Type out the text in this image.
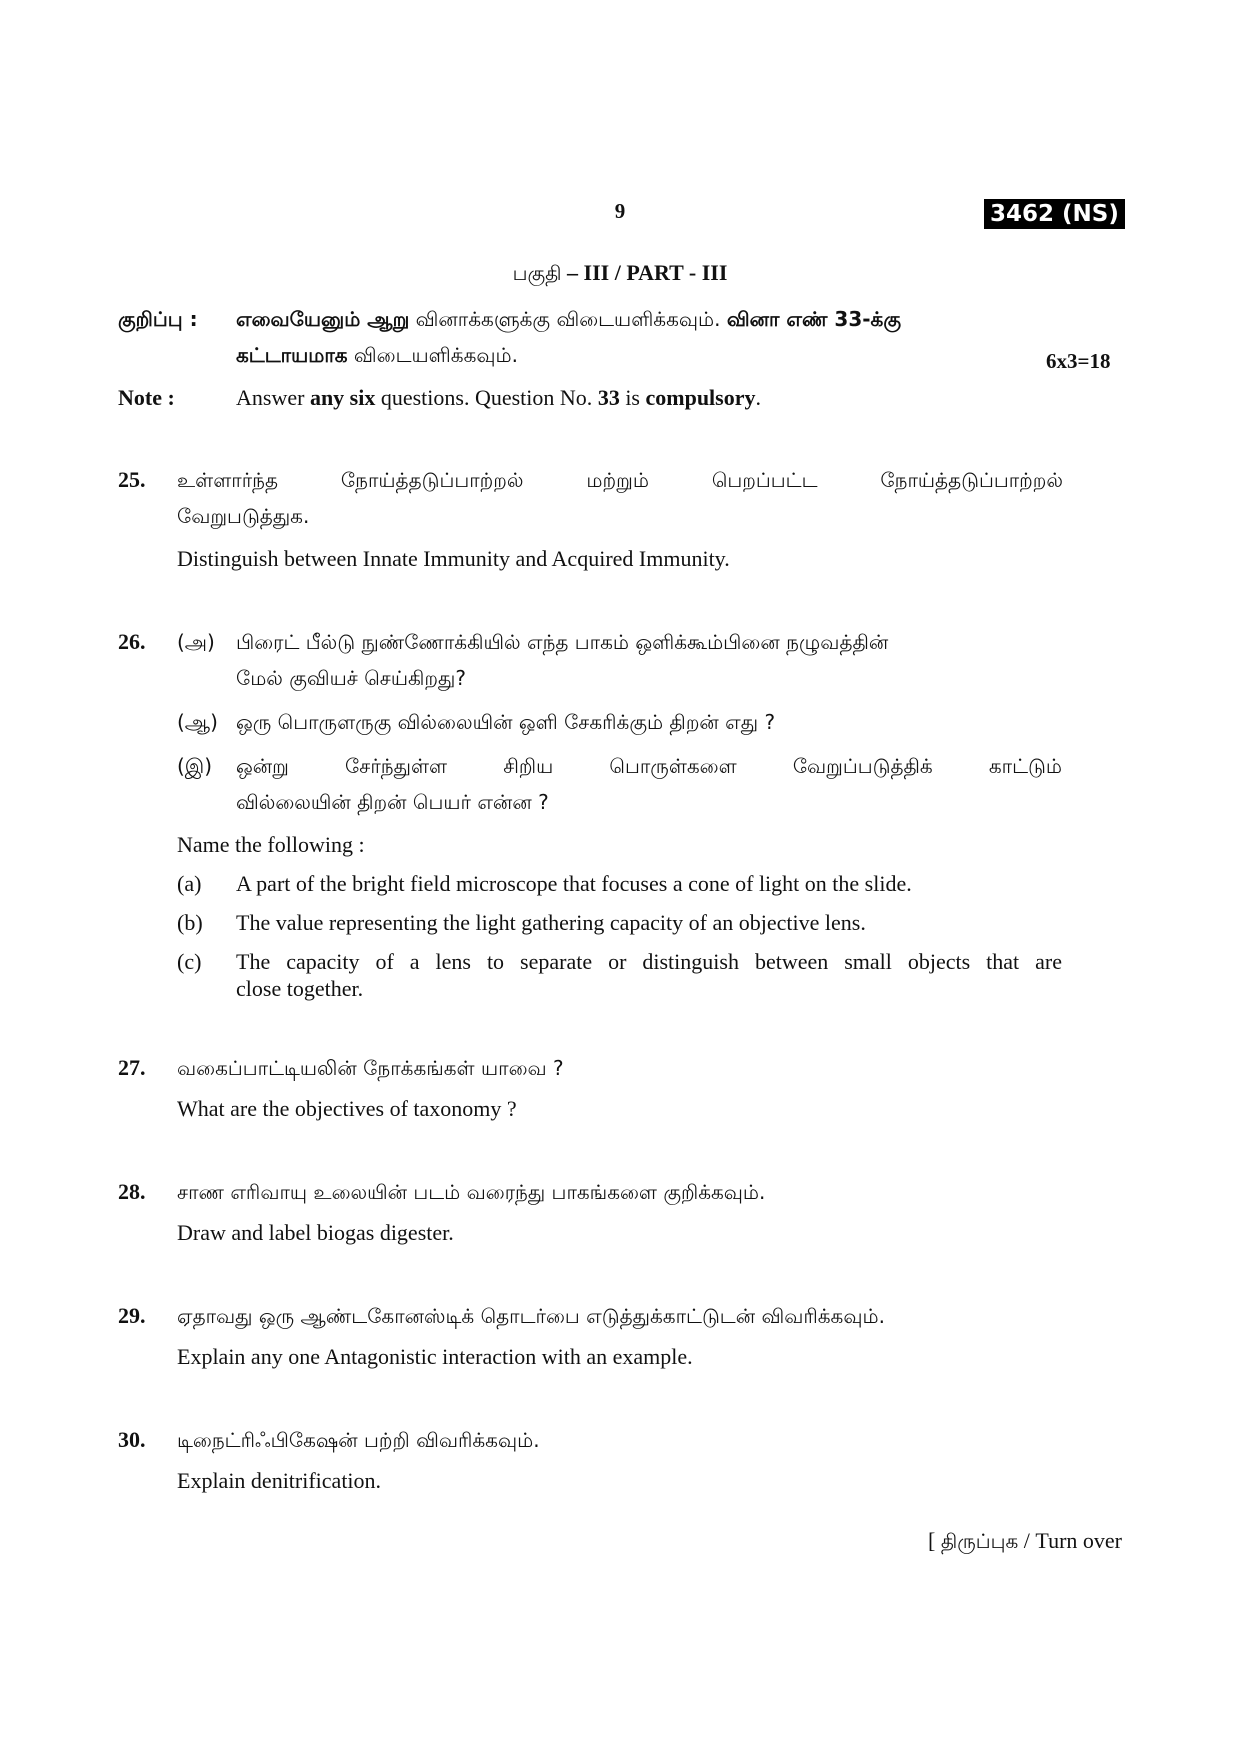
9	3462 (NS)
பகுதி – III / PART - III
குறிப்பு : எவையேனும் ஆறு வினாக்களுக்கு விடையளிக்கவும். வினா எண் 33-க்கு
கட்டாயமாக விடையளிக்கவும்.	6x3=18
Note :	Answer any six questions. Question No. 33 is compulsory.
25. உள்ளார்ந்த நோய்த்தடுப்பாற்றல் மற்றும் பெறப்பட்ட நோய்த்தடுப்பாற்றல்
வேறுபடுத்துக.
Distinguish between Innate Immunity and Acquired Immunity.
26. (அ) பிரைட் பீல்டு நுண்ணோக்கியில் எந்த பாகம் ஒளிக்கூம்பினை நழுவத்தின்
மேல் குவியச் செய்கிறது?
(ஆ) ஒரு பொருளருகு வில்லையின் ஒளி சேகரிக்கும் திறன் எது ?
(இ) ஒன்று சேர்ந்துள்ள சிறிய பொருள்களை வேறுப்படுத்திக் காட்டும்
வில்லையின் திறன் பெயர் என்ன ?
Name the following :
(a) A part of the bright field microscope that focuses a cone of light on the slide.
(b) The value representing the light gathering capacity of an objective lens.
(c) The capacity of a lens to separate or distinguish between small objects that are
close together.
27. வகைப்பாட்டியலின் நோக்கங்கள் யாவை ?
What are the objectives of taxonomy ?
28. சாண எரிவாயு உலையின் படம் வரைந்து பாகங்களை குறிக்கவும்.
Draw and label biogas digester.
29. ஏதாவது ஒரு ஆண்டகோனஸ்டிக் தொடர்பை எடுத்துக்காட்டுடன் விவரிக்கவும்.
Explain any one Antagonistic interaction with an example.
30. டிநைட்ரிஃபிகேஷன் பற்றி விவரிக்கவும்.
Explain denitrification.
[ திருப்புக / Turn over
